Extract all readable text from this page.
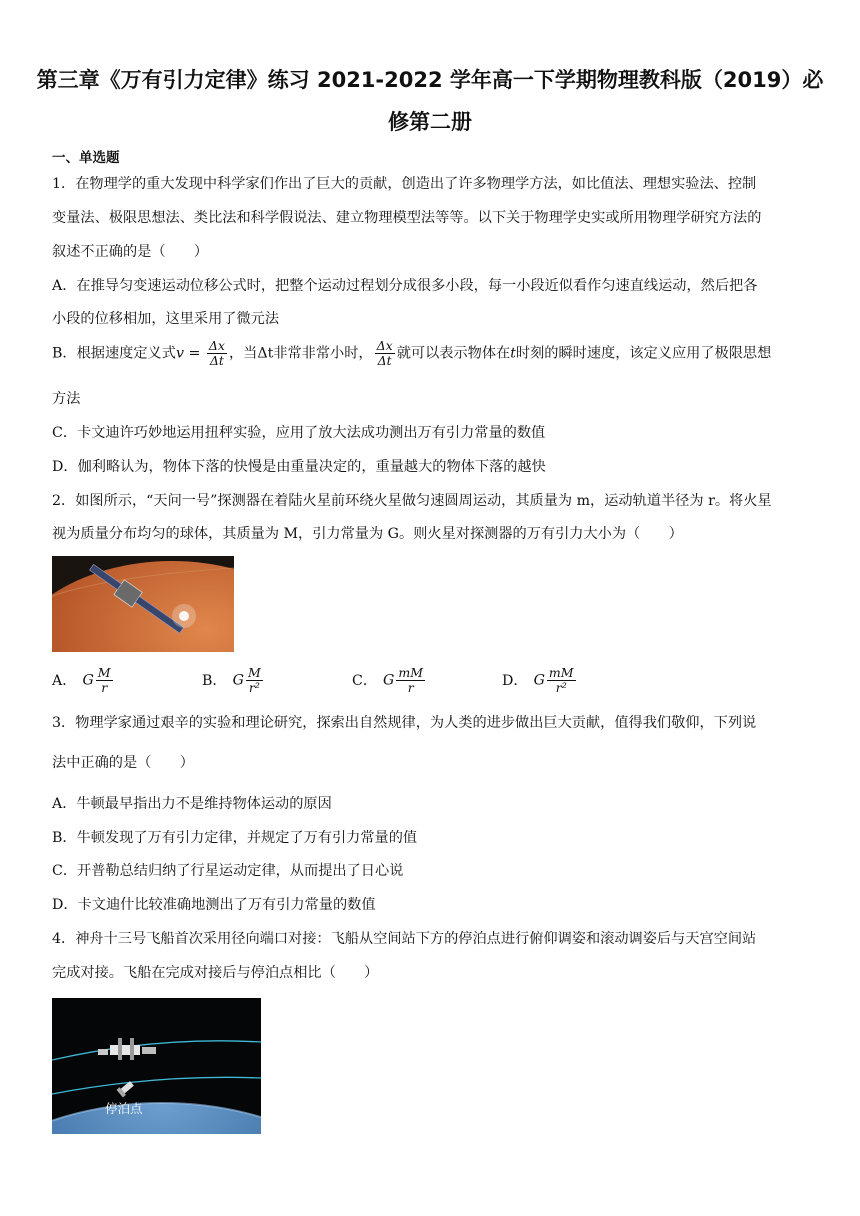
第三章《万有引力定律》练习 2021-2022 学年高一下学期物理教科版（2019）必
修第二册
一、单选题
1．在物理学的重大发现中科学家们作出了巨大的贡献，创造出了许多物理学方法，如比值法、理想实验法、控制
变量法、极限思想法、类比法和科学假说法、建立物理模型法等等。以下关于物理学史实或所用物理学研究方法的
叙述不正确的是（　　）
A．在推导匀变速运动位移公式时，把整个运动过程划分成很多小段，每一小段近似看作匀速直线运动，然后把各
小段的位移相加，这里采用了微元法
B．根据速度定义式$v = \frac{\Delta x}{\Delta t}$ ，当Δt非常非常小时， $\frac{\Delta x}{\Delta t}$ 就可以表示物体在t时刻的瞬时速度，该定义应用了极限思想
方法
C．卡文迪许巧妙地运用扭秤实验，应用了放大法成功测出万有引力常量的数值
D．伽利略认为，物体下落的快慢是由重量决定的，重量越大的物体下落的越快
2．如图所示，“天问一号”探测器在着陆火星前环绕火星做匀速圆周运动，其质量为 m，运动轨道半径为 r。将火星
视为质量分布均匀的球体，其质量为 M，引力常量为 G。则火星对探测器的万有引力大小为（　　）
A． G $\frac{M}{r}$	B． G $\frac{M}{\text{r²}}$	C． G $\frac{mM}{r}$	D． G $\frac{mM}{\text{r²}}$
3．物理学家通过艰辛的实验和理论研究，探索出自然规律，为人类的进步做出巨大贡献，值得我们敬仰，下列说
法中正确的是（　　）
A．牛顿最早指出力不是维持物体运动的原因
B．牛顿发现了万有引力定律，并规定了万有引力常量的值
C．开普勒总结归纳了行星运动定律，从而提出了日心说
D．卡文迪什比较准确地测出了万有引力常量的数值
4．神舟十三号飞船首次采用径向端口对接：飞船从空间站下方的停泊点进行俯仰调姿和滚动调姿后与天宫空间站
完成对接。飞船在完成对接后与停泊点相比（　　）
停泊点
